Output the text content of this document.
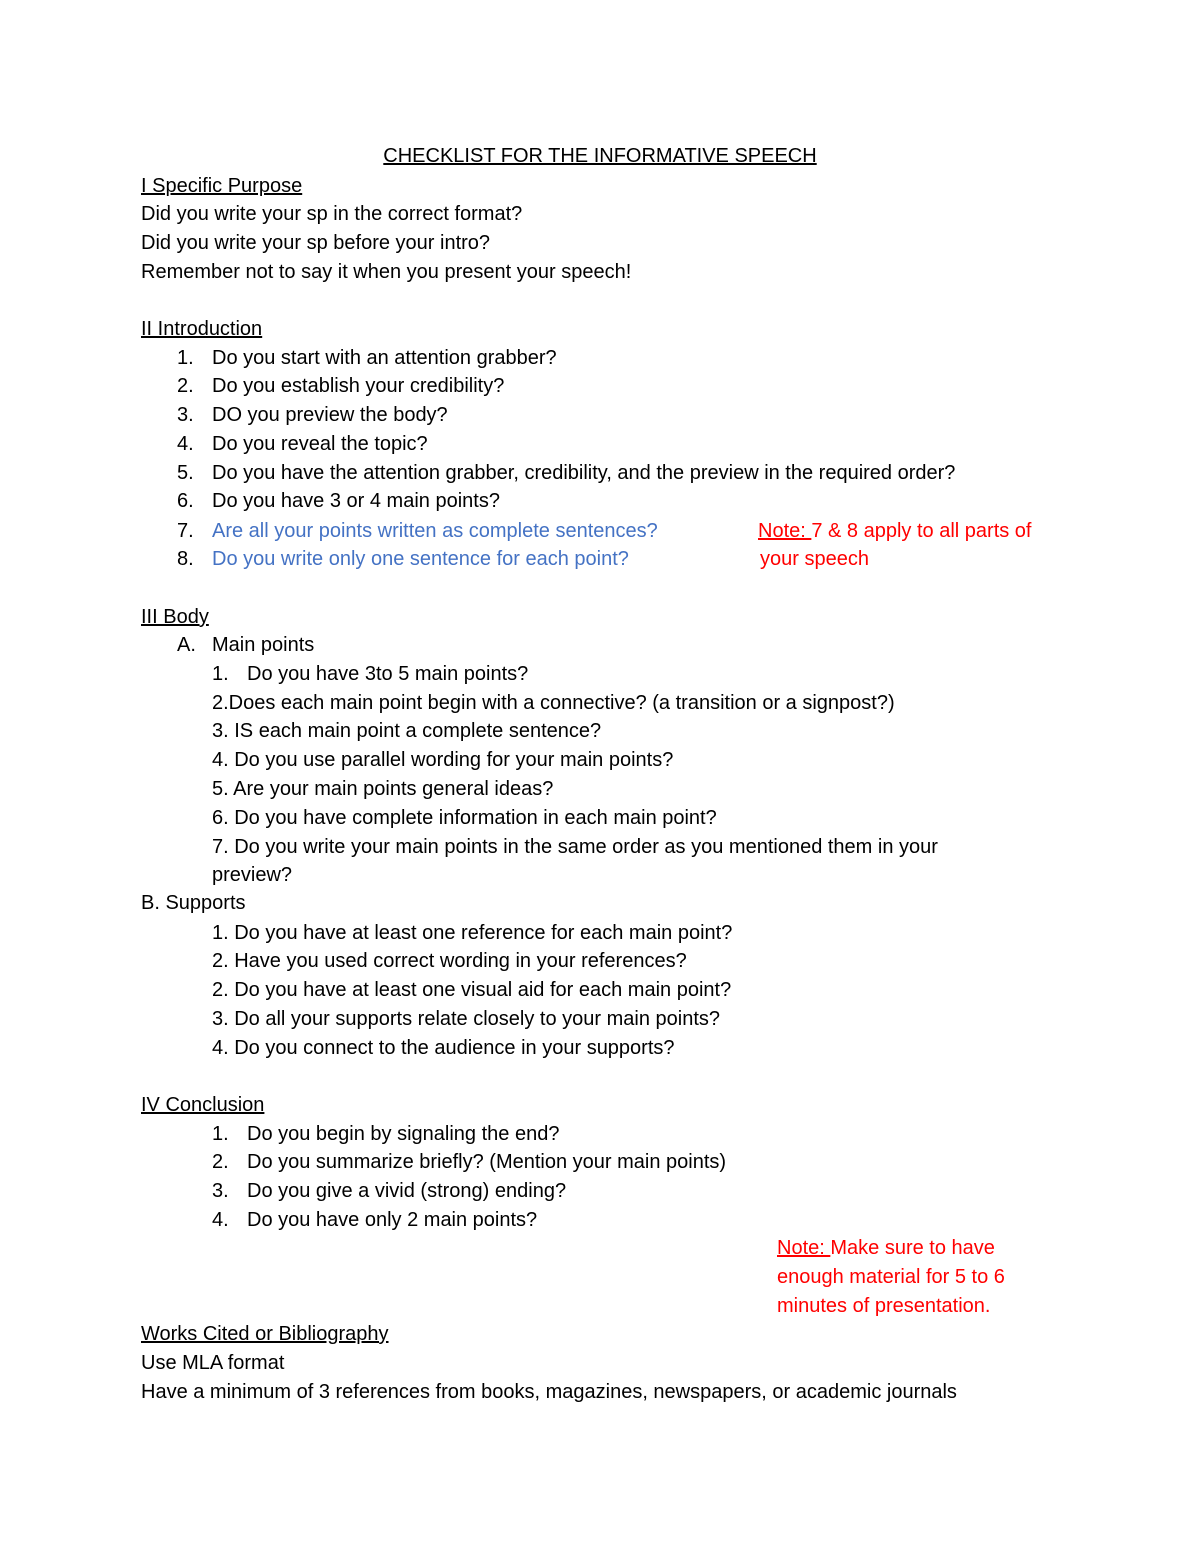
CHECKLIST FOR THE INFORMATIVE SPEECH
I Specific Purpose
Did you write your sp in the correct format?
Did you write your sp before your intro?
Remember not to say it when you present your speech!
II Introduction
1. Do you start with an attention grabber?
2. Do you establish your credibility?
3. DO you preview the body?
4. Do you reveal the topic?
5. Do you have the attention grabber, credibility, and the preview in the required order?
6. Do you have 3 or 4 main points?
7. Are all your points written as complete sentences?
8. Do you write only one sentence for each point?
Note: 7 & 8 apply to all parts of
your speech
III Body
A. Main points
1. Do you have 3to 5 main points?
2.Does each main point begin with a connective? (a transition or a signpost?)
3. IS each main point a complete sentence?
4. Do you use parallel wording for your main points?
5. Are your main points general ideas?
6. Do you have complete information in each main point?
7. Do you write your main points in the same order as you mentioned them in your
preview?
B. Supports
1. Do you have at least one reference for each main point?
2. Have you used correct wording in your references?
2. Do you have at least one visual aid for each main point?
3. Do all your supports relate closely to your main points?
4. Do you connect to the audience in your supports?
IV Conclusion
1. Do you begin by signaling the end?
2. Do you summarize briefly? (Mention your main points)
3. Do you give a vivid (strong) ending?
4. Do you have only 2 main points?
Note: Make sure to have
enough material for 5 to 6
minutes of presentation.
Works Cited or Bibliography
Use MLA format
Have a minimum of 3 references from books, magazines, newspapers, or academic journals
